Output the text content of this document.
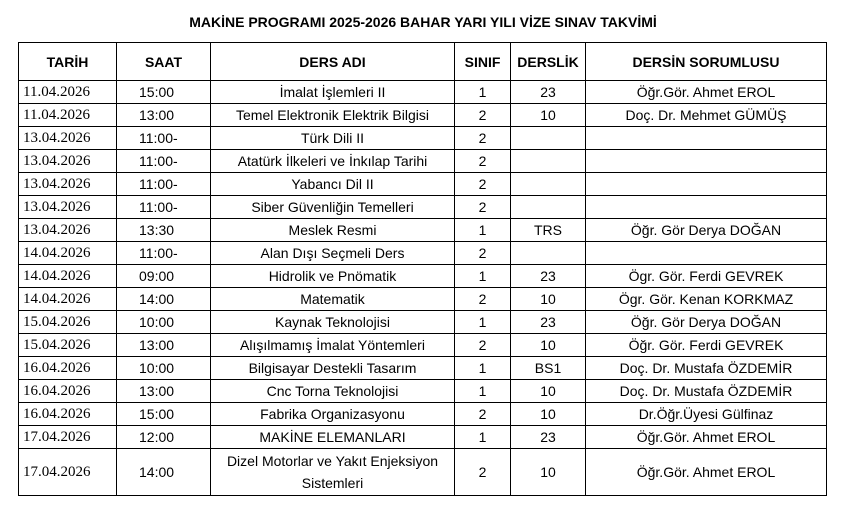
MAKİNE PROGRAMI 2025-2026 BAHAR YARI YILI VİZE SINAV TAKVİMİ
TARİH	SAAT	DERS ADI	SINIF	DERSLİK	DERSİN SORUMLUSU
11.04.2026	15:00	İmalat İşlemleri II	1	23	Öğr.Gör. Ahmet EROL
11.04.2026	13:00	Temel Elektronik Elektrik Bilgisi	2	10	Doç. Dr. Mehmet GÜMÜŞ
13.04.2026	11:00-	Türk Dili II	2		
13.04.2026	11:00-	Atatürk İlkeleri ve İnkılap Tarihi	2		
13.04.2026	11:00-	Yabancı Dil II	2		
13.04.2026	11:00-	Siber Güvenliğin Temelleri	2		
13.04.2026	13:30	Meslek Resmi	1	TRS	Öğr. Gör Derya DOĞAN
14.04.2026	11:00-	Alan Dışı Seçmeli Ders	2		
14.04.2026	09:00	Hidrolik ve Pnömatik	1	23	Ögr. Gör. Ferdi GEVREK
14.04.2026	14:00	Matematik	2	10	Ögr. Gör. Kenan KORKMAZ
15.04.2026	10:00	Kaynak Teknolojisi	1	23	Öğr. Gör Derya DOĞAN
15.04.2026	13:00	Alışılmamış İmalat Yöntemleri	2	10	Öğr. Gör. Ferdi GEVREK
16.04.2026	10:00	Bilgisayar Destekli Tasarım	1	BS1	Doç. Dr. Mustafa ÖZDEMİR
16.04.2026	13:00	Cnc Torna Teknolojisi	1	10	Doç. Dr. Mustafa ÖZDEMİR
16.04.2026	15:00	Fabrika Organizasyonu	2	10	Dr.Öğr.Üyesi Gülfinaz
17.04.2026	12:00	MAKİNE ELEMANLARI	1	23	Öğr.Gör. Ahmet EROL
17.04.2026	14:00	Dizel Motorlar ve Yakıt Enjeksiyon Sistemleri	2	10	Öğr.Gör. Ahmet EROL
